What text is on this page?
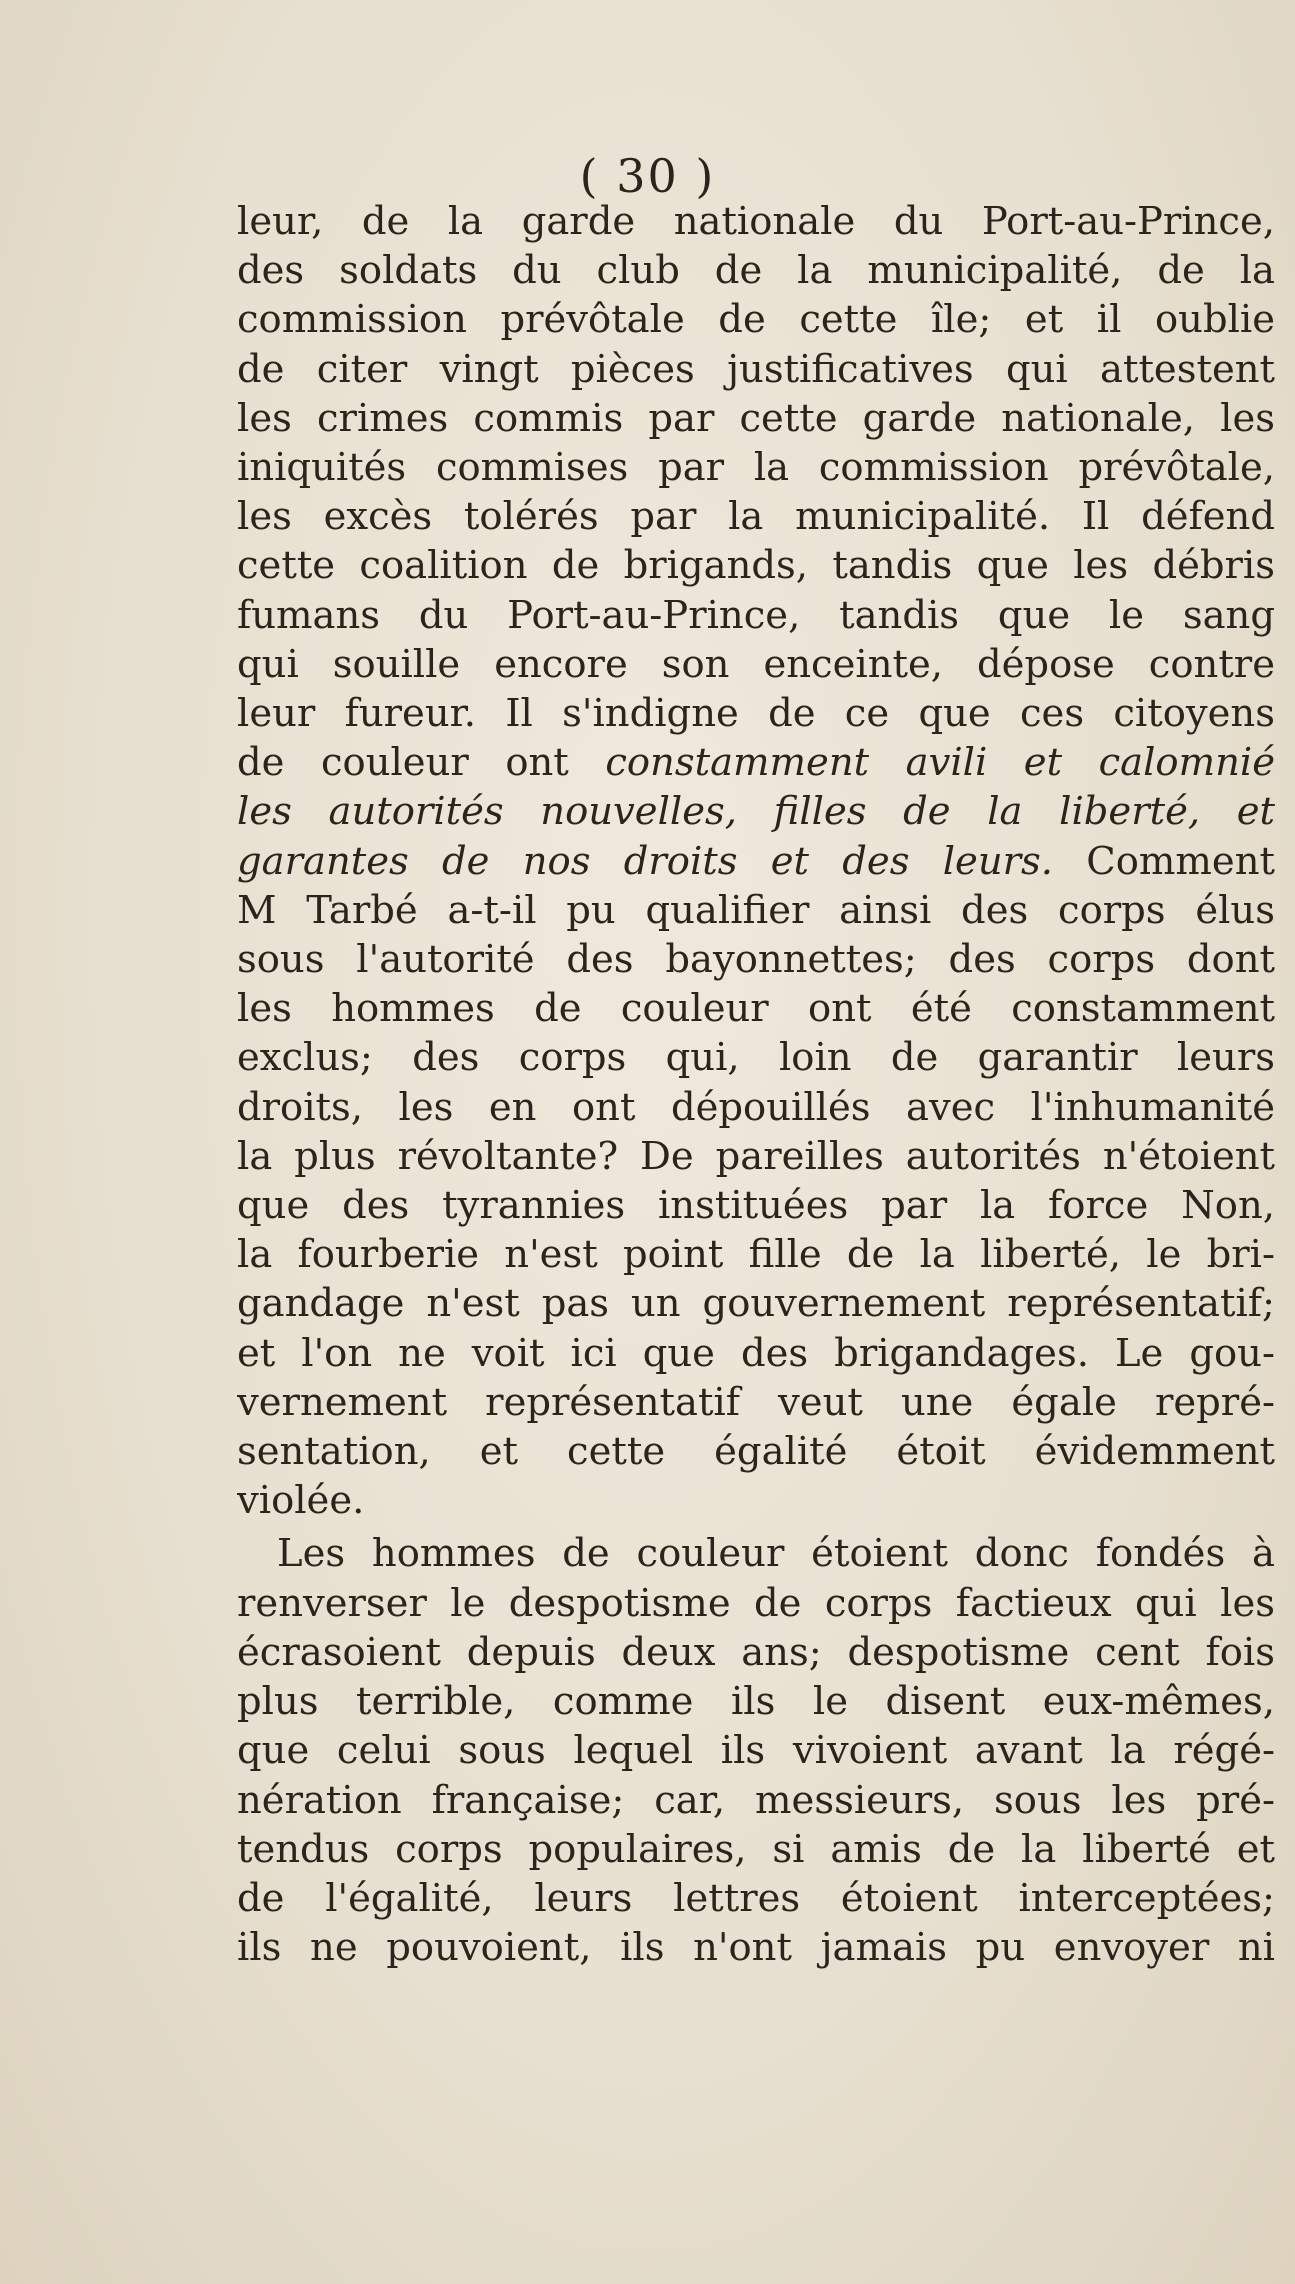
( 30 )
leur, de la garde nationale du Port-au-Prince,
des soldats du club de la municipalité, de la
commission prévôtale de cette île; et il oublie
de citer vingt pièces justificatives qui attestent
les crimes commis par cette garde nationale, les
iniquités commises par la commission prévôtale,
les excès tolérés par la municipalité. Il défend
cette coalition de brigands, tandis que les débris
fumans du Port-au-Prince, tandis que le sang
qui souille encore son enceinte, dépose contre
leur fureur. Il s'indigne de ce que ces citoyens
de couleur ont constamment avili et calomnié
les autorités nouvelles, filles de la liberté, et
garantes de nos droits et des leurs. Comment
M Tarbé a-t-il pu qualifier ainsi des corps élus
sous l'autorité des bayonnettes; des corps dont
les hommes de couleur ont été constamment
exclus; des corps qui, loin de garantir leurs
droits, les en ont dépouillés avec l'inhumanité
la plus révoltante? De pareilles autorités n'étoient
que des tyrannies instituées par la force Non,
la fourberie n'est point fille de la liberté, le bri-
gandage n'est pas un gouvernement représentatif;
et l'on ne voit ici que des brigandages. Le gou-
vernement représentatif veut une égale repré-
sentation, et cette égalité étoit évidemment
violée.
Les hommes de couleur étoient donc fondés à
renverser le despotisme de corps factieux qui les
écrasoient depuis deux ans; despotisme cent fois
plus terrible, comme ils le disent eux-mêmes,
que celui sous lequel ils vivoient avant la régé-
nération française; car, messieurs, sous les pré-
tendus corps populaires, si amis de la liberté et
de l'égalité, leurs lettres étoient interceptées;
ils ne pouvoient, ils n'ont jamais pu envoyer ni
